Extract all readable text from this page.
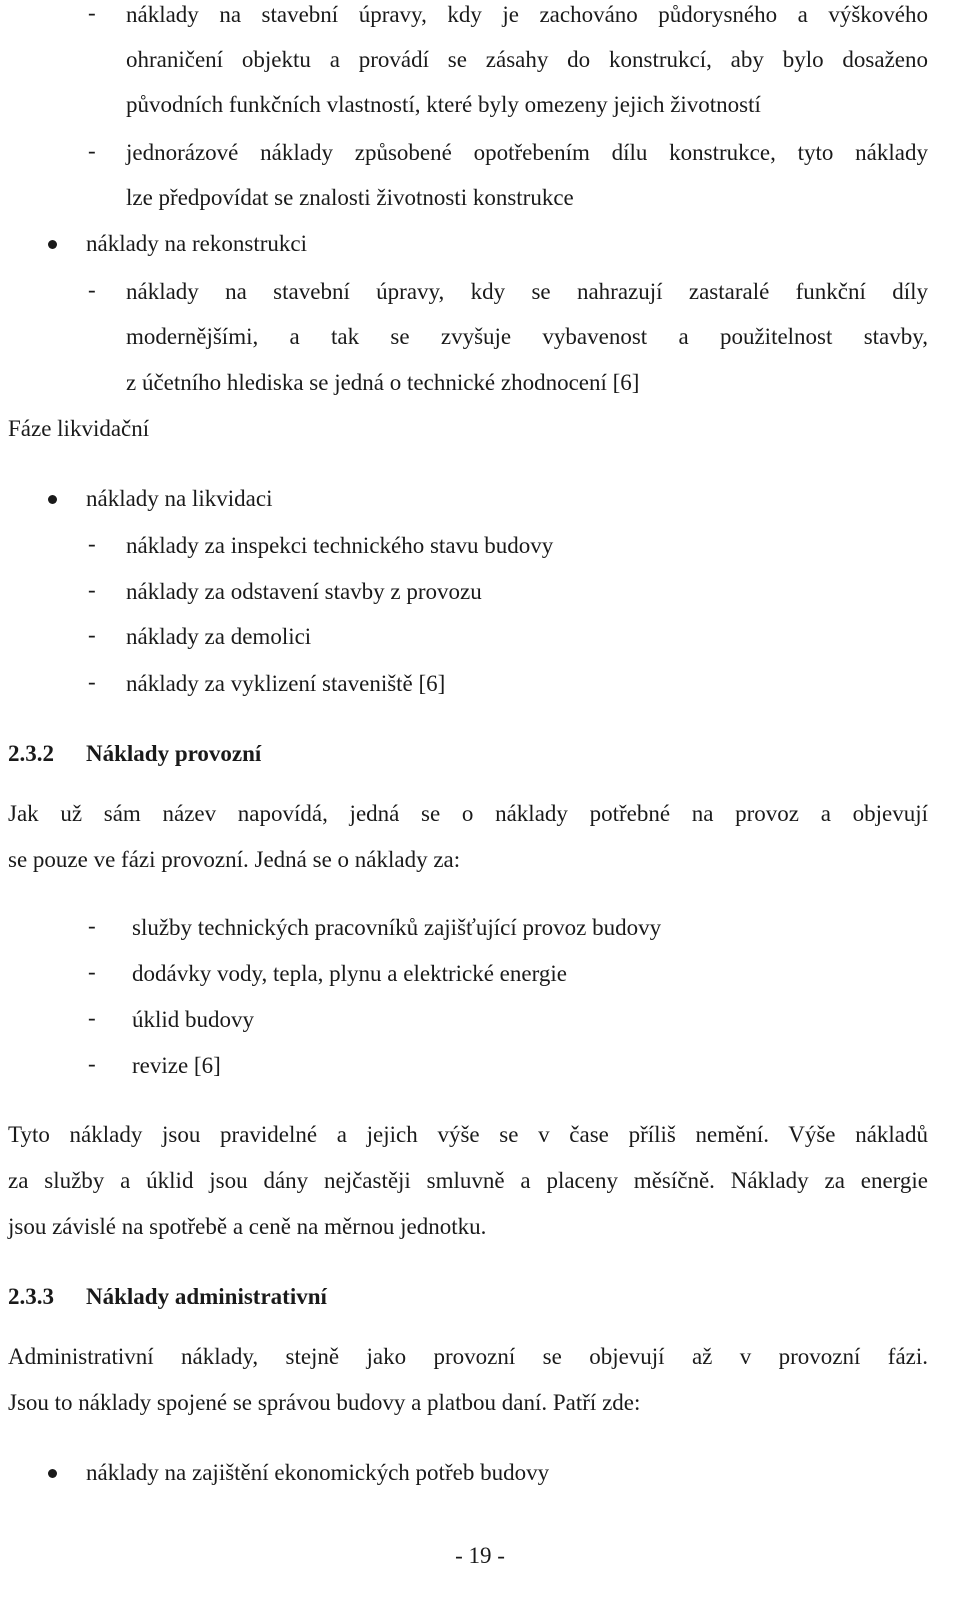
- náklady na stavební úpravy, kdy je zachováno půdorysného a výškového
ohraničení objektu a provádí se zásahy do konstrukcí, aby bylo dosaženo
původních funkčních vlastností, které byly omezeny jejich životností
- jednorázové náklady způsobené opotřebením dílu konstrukce, tyto náklady
lze předpovídat se znalosti životnosti konstrukce
náklady na rekonstrukci
- náklady na stavební úpravy, kdy se nahrazují zastaralé funkční díly
modernějšími, a tak se zvyšuje vybavenost a použitelnost stavby,
z účetního hlediska se jedná o technické zhodnocení [6]
Fáze likvidační
náklady na likvidaci
- náklady za inspekci technického stavu budovy
- náklady za odstavení stavby z provozu
- náklady za demolici
- náklady za vyklizení staveniště [6]
2.3.2 Náklady provozní
Jak už sám název napovídá, jedná se o náklady potřebné na provoz a objevují
se pouze ve fázi provozní. Jedná se o náklady za:
- služby technických pracovníků zajišťující provoz budovy
- dodávky vody, tepla, plynu a elektrické energie
- úklid budovy
- revize [6]
Tyto náklady jsou pravidelné a jejich výše se v čase příliš nemění. Výše nákladů
za služby a úklid jsou dány nejčastěji smluvně a placeny měsíčně. Náklady za energie
jsou závislé na spotřebě a ceně na měrnou jednotku.
2.3.3 Náklady administrativní
Administrativní náklady, stejně jako provozní se objevují až v provozní fázi.
Jsou to náklady spojené se správou budovy a platbou daní. Patří zde:
náklady na zajištění ekonomických potřeb budovy
- 19 -
